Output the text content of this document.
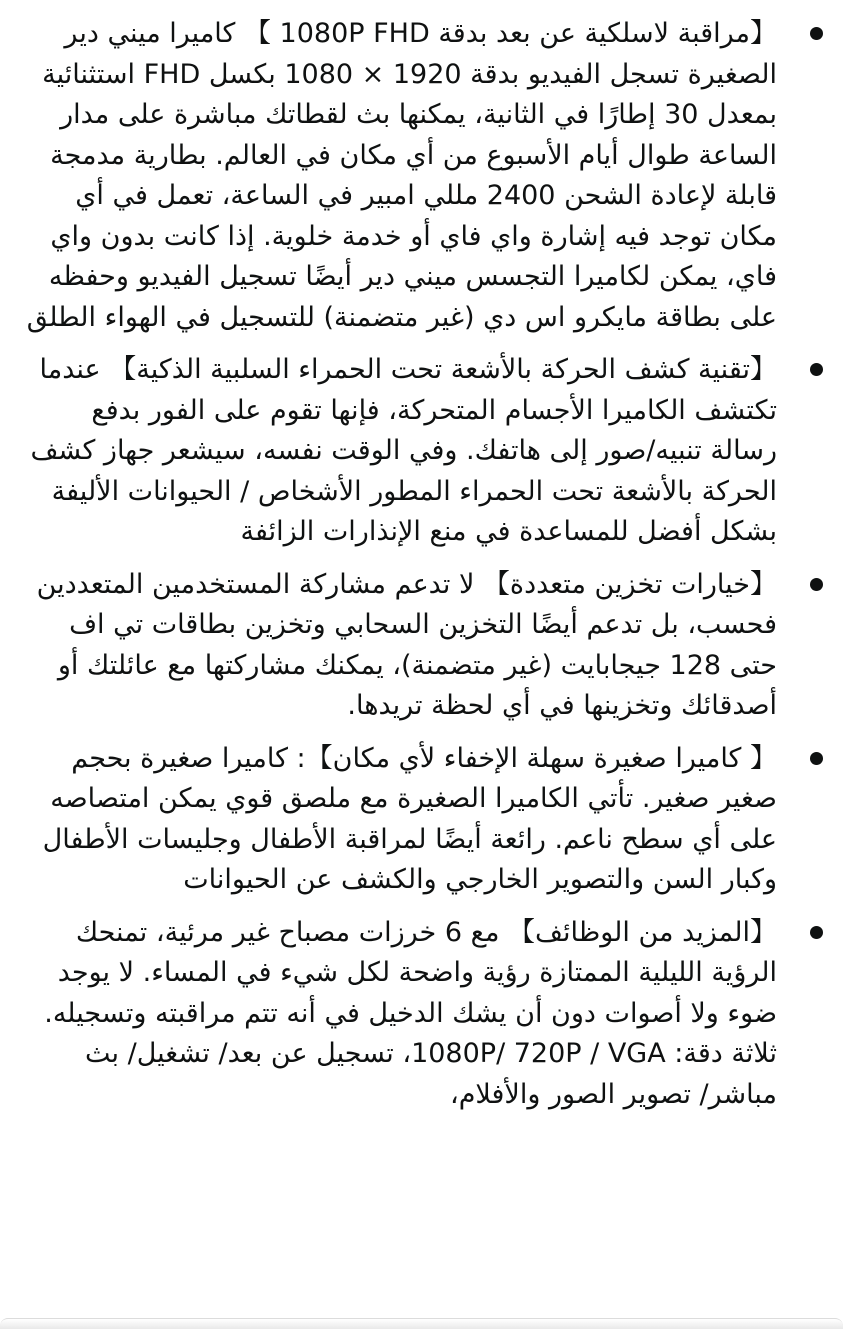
【مراقبة لاسلكية عن بعد بدقة 1080P FHD 】 كاميرا ميني دير الصغيرة تسجل الفيديو بدقة 1920 × 1080 بكسل FHD استثنائية بمعدل 30 إطارًا في الثانية، يمكنها بث لقطاتك مباشرة على مدار الساعة طوال أيام الأسبوع من أي مكان في العالم. بطارية مدمجة قابلة لإعادة الشحن 2400 مللي امبير في الساعة، تعمل في أي مكان توجد فيه إشارة واي فاي أو خدمة خلوية. إذا كانت بدون واي فاي، يمكن لكاميرا التجسس ميني دير أيضًا تسجيل الفيديو وحفظه على بطاقة مايكرو اس دي (غير متضمنة) للتسجيل في الهواء الطلق
【تقنية كشف الحركة بالأشعة تحت الحمراء السلبية الذكية】 عندما تكتشف الكاميرا الأجسام المتحركة، فإنها تقوم على الفور بدفع رسالة تنبيه/صور إلى هاتفك. وفي الوقت نفسه، سيشعر جهاز كشف الحركة بالأشعة تحت الحمراء المطور الأشخاص / الحيوانات الأليفة بشكل أفضل للمساعدة في منع الإنذارات الزائفة
【خيارات تخزين متعددة】 لا تدعم مشاركة المستخدمين المتعددين فحسب، بل تدعم أيضًا التخزين السحابي وتخزين بطاقات تي اف حتى 128 جيجابايت (غير متضمنة)، يمكنك مشاركتها مع عائلتك أو أصدقائك وتخزينها في أي لحظة تريدها.
【 كاميرا صغيرة سهلة الإخفاء لأي مكان】: كاميرا صغيرة بحجم صغير صغير. تأتي الكاميرا الصغيرة مع ملصق قوي يمكن امتصاصه على أي سطح ناعم. رائعة أيضًا لمراقبة الأطفال وجليسات الأطفال وكبار السن والتصوير الخارجي والكشف عن الحيوانات
【المزيد من الوظائف】 مع 6 خرزات مصباح غير مرئية، تمنحك الرؤية الليلية الممتازة رؤية واضحة لكل شيء في المساء. لا يوجد ضوء ولا أصوات دون أن يشك الدخيل في أنه تتم مراقبته وتسجيله. ثلاثة دقة: 1080P/ 720P / VGA، تسجيل عن بعد/ تشغيل/ بث مباشر/ تصوير الصور والأفلام،
